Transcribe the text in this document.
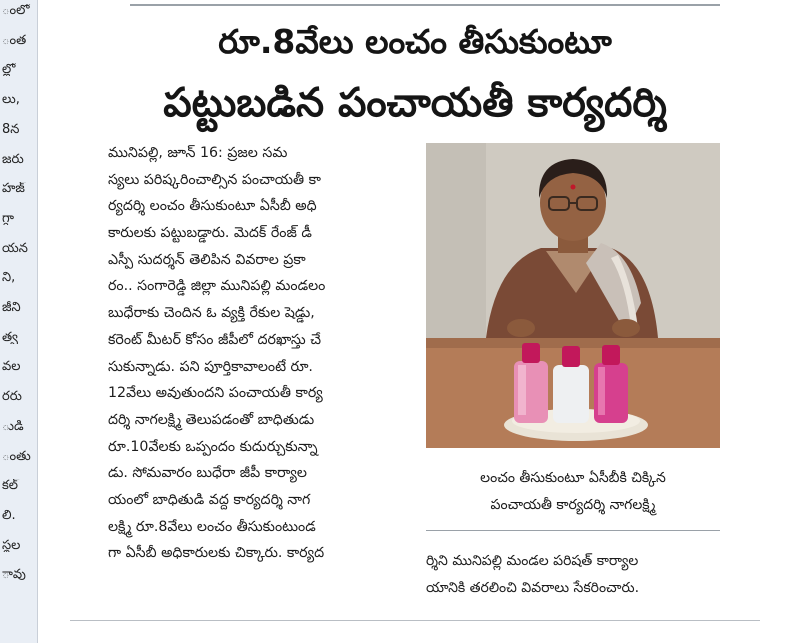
ంలో
ంత
ల్లో
లు,
8న
జరు
హజ్
గ్గా
యన
ని,
జీని
త్వ
వల
రరు
ుడి
ంతు
కల్
లి.
స్థల
ావు
రూ.8వేలు లంచం తీసుకుంటూ
పట్టుబడిన పంచాయతీ కార్యదర్శి
మునిపల్లి, జూన్ 16: ప్రజల సమ
స్యలు పరిష్కరించాల్సిన పంచాయతీ కా
ర్యదర్శి లంచం తీసుకుంటూ ఏసీబీ అధి
కారులకు పట్టుబడ్డారు. మెదక్ రేంజ్ డీ
ఎస్పీ సుదర్శన్ తెలిపిన వివరాల ప్రకా
రం.. సంగారెడ్డి జిల్లా మునిపల్లి మండలం
బుధేరాకు చెందిన ఓ వ్యక్తి రేకుల షెడ్డు,
కరెంట్ మీటర్ కోసం జీపీలో దరఖాస్తు చే
సుకున్నాడు. పని పూర్తికావాలంటే రూ.
12వేలు అవుతుందని పంచాయతీ కార్య
దర్శి నాగలక్ష్మి తెలుపడంతో బాధితుడు
రూ.10వేలకు ఒప్పందం కుదుర్చుకున్నా
డు. సోమవారం బుధేరా జీపీ కార్యాల
యంలో బాధితుడి వద్ద కార్యదర్శి నాగ
లక్ష్మి రూ.8వేలు లంచం తీసుకుంటుండ
గా ఏసీబీ అధికారులకు చిక్కారు. కార్యద
లంచం తీసుకుంటూ ఏసీబీకి చిక్కిన
పంచాయతీ కార్యదర్శి నాగలక్ష్మి
ర్శిని మునిపల్లి మండల పరిషత్ కార్యాల
యానికి తరలించి వివరాలు సేకరించారు.
